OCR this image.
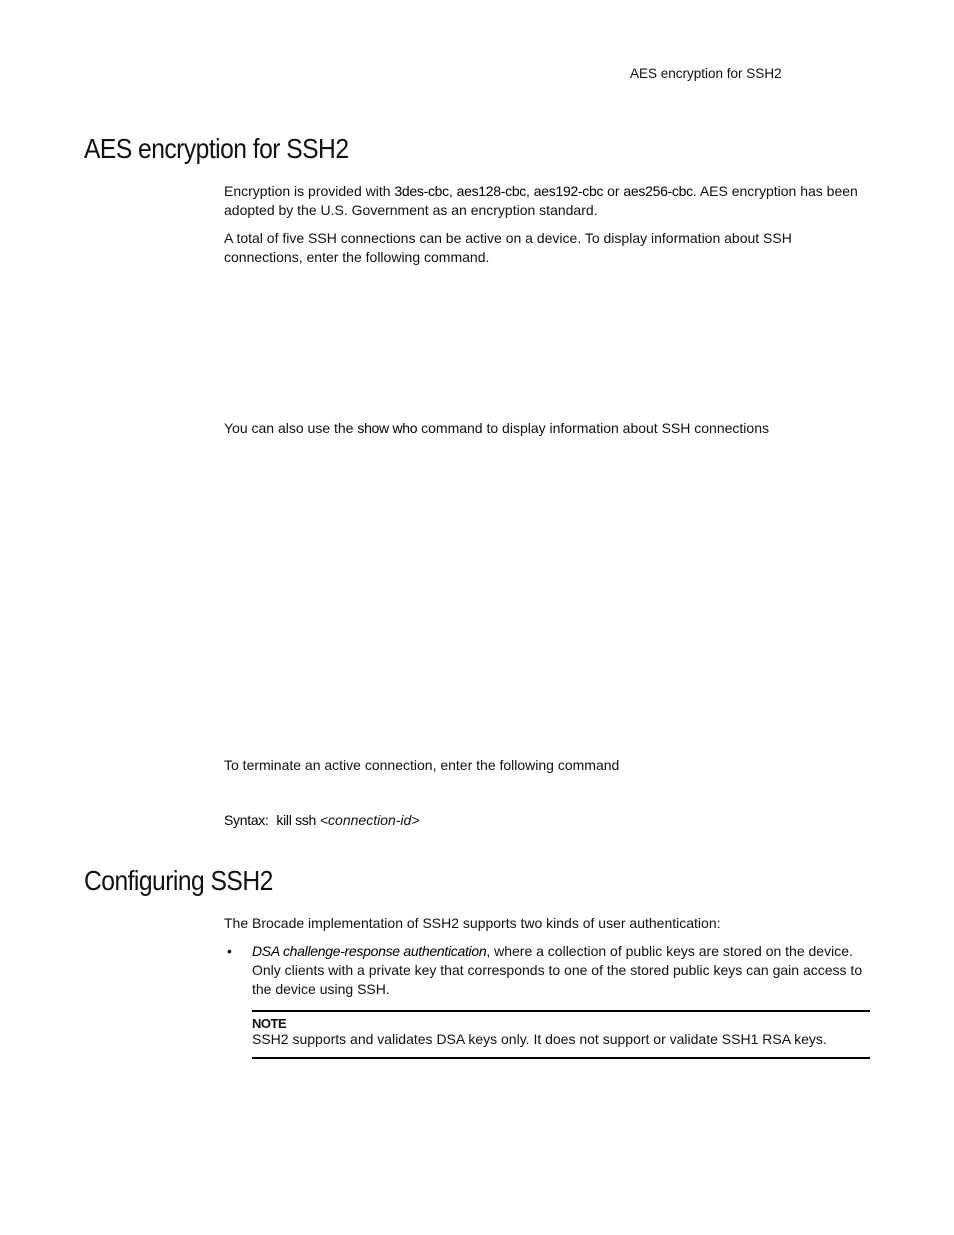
AES encryption for SSH2
AES encryption for SSH2

Encryption is provided with 3des-cbc, aes128-cbc, aes192-cbc or aes256-cbc. AES encryption has been adopted by the U.S. Government as an encryption standard.

A total of five SSH connections can be active on a device. To display information about SSH connections, enter the following command.

You can also use the show who command to display information about SSH connections

To terminate an active connection, enter the following command

Syntax: kill ssh <connection-id>

Configuring SSH2

The Brocade implementation of SSH2 supports two kinds of user authentication:

• DSA challenge-response authentication, where a collection of public keys are stored on the device. Only clients with a private key that corresponds to one of the stored public keys can gain access to the device using SSH.

NOTE
SSH2 supports and validates DSA keys only. It does not support or validate SSH1 RSA keys.
